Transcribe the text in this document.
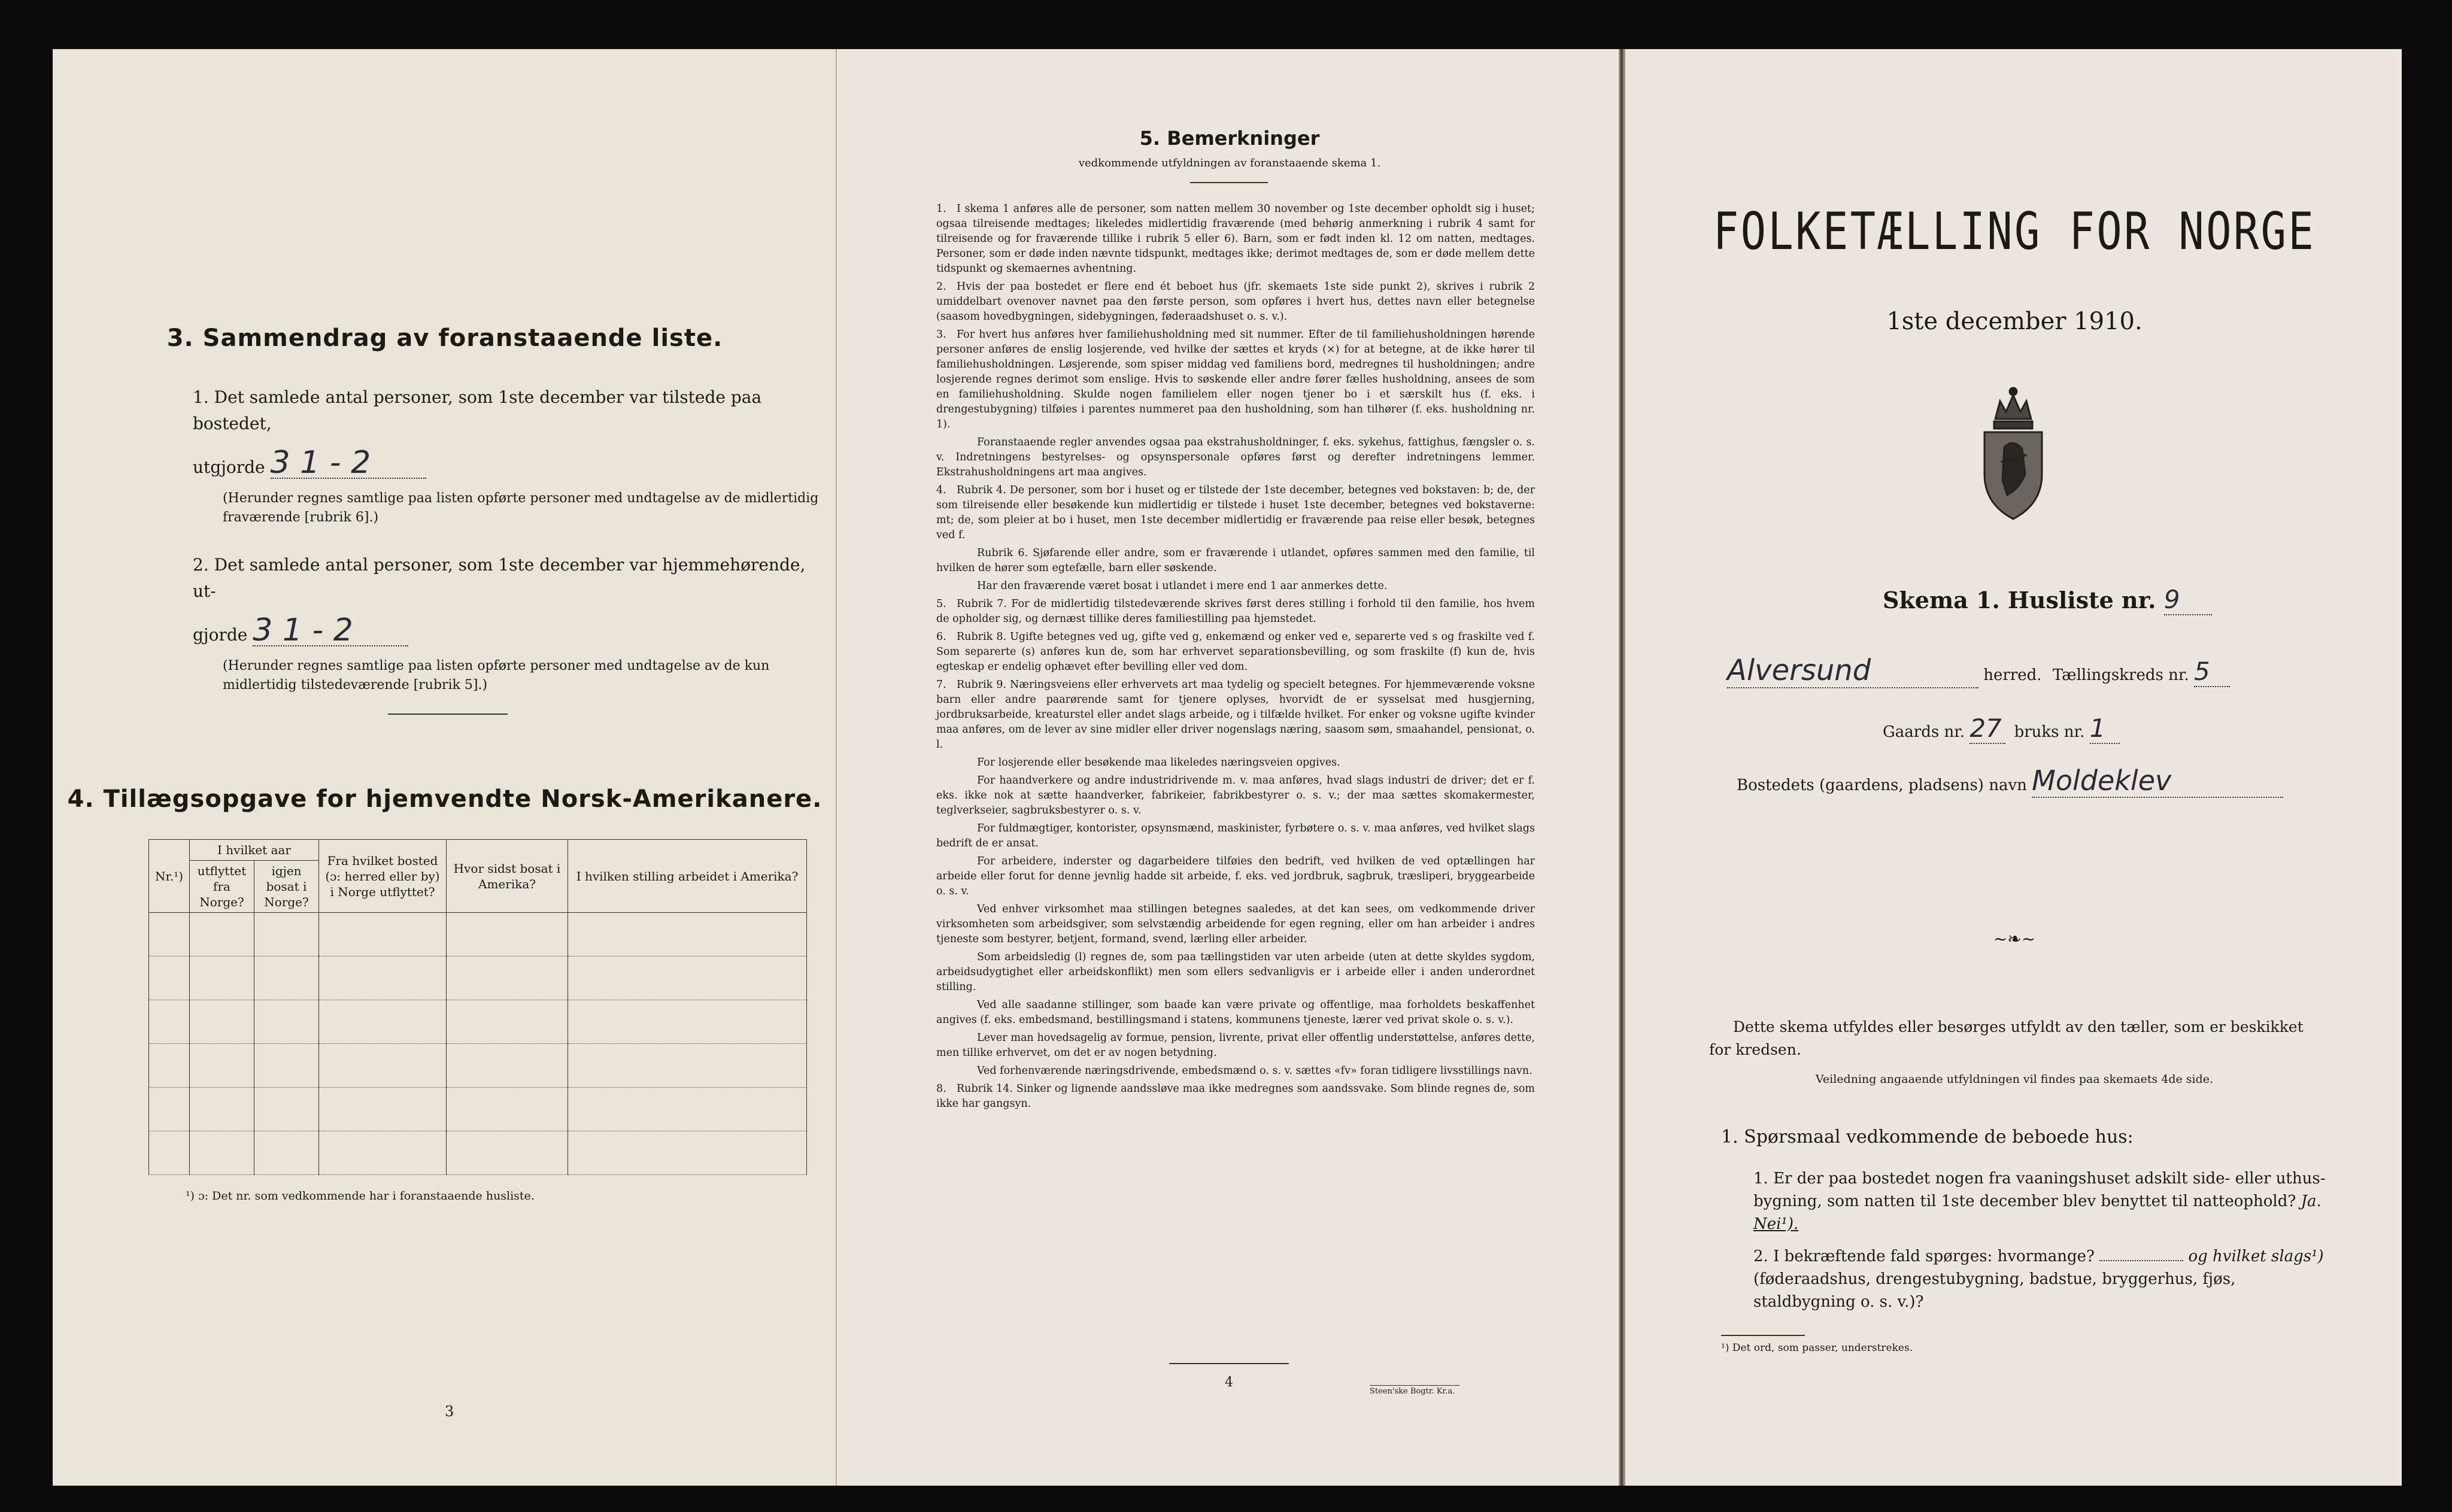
3. Sammendrag av foranstaaende liste.
1. Det samlede antal personer, som 1ste december var tilstede paa bostedet,
utgjorde 3 1 - 2
(Herunder regnes samtlige paa listen opførte personer med undtagelse av de midlertidig fraværende [rubrik 6].)
2. Det samlede antal personer, som 1ste december var hjemmehørende, ut-
gjorde 3 1 - 2
(Herunder regnes samtlige paa listen opførte personer med undtagelse av de kun midlertidig tilstedeværende [rubrik 5].)
4. Tillægsopgave for hjemvendte Norsk-Amerikanere.
Nr.¹)	I hvilket aar		Fra hvilket bosted (ɔ: herred eller by) i Norge utflyttet?	Hvor sidst bosat i Amerika?	I hvilken stilling arbeidet i Amerika?
	utflyttet fra Norge?	igjen bosat i Norge?			

¹) ɔ: Det nr. som vedkommende har i foranstaaende husliste.
3
5. Bemerkninger
vedkommende utfyldningen av foranstaaende skema 1.

1. I skema 1 anføres alle de personer, som natten mellem 30 november og 1ste december opholdt sig i huset; ogsaa tilreisende medtages; likeledes midlertidig fraværende (med behørig anmerkning i rubrik 4 samt for tilreisende og for fraværende tillike i rubrik 5 eller 6). Barn, som er født inden kl. 12 om natten, medtages. Personer, som er døde inden nævnte tidspunkt, medtages ikke; derimot medtages de, som er døde mellem dette tidspunkt og skemaernes avhentning.

2. Hvis der paa bostedet er flere end ét beboet hus (jfr. skemaets 1ste side punkt 2), skrives i rubrik 2 umiddelbart ovenover navnet paa den første person, som opføres i hvert hus, dettes navn eller betegnelse (saasom hovedbygningen, sidebygningen, føderaadshuset o. s. v.).

3. For hvert hus anføres hver familiehusholdning med sit nummer. Efter de til familiehusholdningen hørende personer anføres de enslig losjerende, ved hvilke der sættes et kryds (×) for at betegne, at de ikke hører til familiehusholdningen. Løsjerende, som spiser middag ved familiens bord, medregnes til husholdningen; andre losjerende regnes derimot som enslige. Hvis to søskende eller andre fører fælles husholdning, ansees de som en familiehusholdning. Skulde nogen familielem eller nogen tjener bo i et særskilt hus (f. eks. i drengestubygning) tilføies i parentes nummeret paa den husholdning, som han tilhører (f. eks. husholdning nr. 1).

Foranstaaende regler anvendes ogsaa paa ekstrahusholdninger, f. eks. sykehus, fattighus, fængsler o. s. v. Indretningens bestyrelses- og opsynspersonale opføres først og derefter indretningens lemmer. Ekstrahusholdningens art maa angives.

4. Rubrik 4. De personer, som bor i huset og er tilstede der 1ste december, betegnes ved bokstaven: b; de, der som tilreisende eller besøkende kun midlertidig er tilstede i huset 1ste december, betegnes ved bokstaverne: mt; de, som pleier at bo i huset, men 1ste december midlertidig er fraværende paa reise eller besøk, betegnes ved f.

Rubrik 6. Sjøfarende eller andre, som er fraværende i utlandet, opføres sammen med den familie, til hvilken de hører som egtefælle, barn eller søskende.

Har den fraværende været bosat i utlandet i mere end 1 aar anmerkes dette.

5. Rubrik 7. For de midlertidig tilstedeværende skrives først deres stilling i forhold til den familie, hos hvem de opholder sig, og dernæst tillike deres familiestilling paa hjemstedet.

6. Rubrik 8. Ugifte betegnes ved ug, gifte ved g, enkemænd og enker ved e, separerte ved s og fraskilte ved f. Som separerte (s) anføres kun de, som har erhvervet separationsbevilling, og som fraskilte (f) kun de, hvis egteskap er endelig ophævet efter bevilling eller ved dom.

7. Rubrik 9. Næringsveiens eller erhvervets art maa tydelig og specielt betegnes. For hjemmeværende voksne barn eller andre paarørende samt for tjenere oplyses, hvorvidt de er sysselsat med husgjerning, jordbruksarbeide, kreaturstel eller andet slags arbeide, og i tilfælde hvilket. For enker og voksne ugifte kvinder maa anføres, om de lever av sine midler eller driver nogenslags næring, saasom søm, smaahandel, pensionat, o. l.

For losjerende eller besøkende maa likeledes næringsveien opgives.

For haandverkere og andre industridrivende m. v. maa anføres, hvad slags industri de driver; det er f. eks. ikke nok at sætte haandverker, fabrikeier, fabrikbestyrer o. s. v.; der maa sættes skomakermester, teglverkseier, sagbruksbestyrer o. s. v.

For fuldmægtiger, kontorister, opsynsmænd, maskinister, fyrbøtere o. s. v. maa anføres, ved hvilket slags bedrift de er ansat.

For arbeidere, inderster og dagarbeidere tilføies den bedrift, ved hvilken de ved optællingen har arbeide eller forut for denne jevnlig hadde sit arbeide, f. eks. ved jordbruk, sagbruk, træsliperi, bryggearbeide o. s. v.

Ved enhver virksomhet maa stillingen betegnes saaledes, at det kan sees, om vedkommende driver virksomheten som arbeidsgiver, som selvstændig arbeidende for egen regning, eller om han arbeider i andres tjeneste som bestyrer, betjent, formand, svend, lærling eller arbeider.

Som arbeidsledig (l) regnes de, som paa tællingstiden var uten arbeide (uten at dette skyldes sygdom, arbeidsudygtighet eller arbeidskonflikt) men som ellers sedvanligvis er i arbeide eller i anden underordnet stilling.

Ved alle saadanne stillinger, som baade kan være private og offentlige, maa forholdets beskaffenhet angives (f. eks. embedsmand, bestillingsmand i statens, kommunens tjeneste, lærer ved privat skole o. s. v.).

Lever man hovedsagelig av formue, pension, livrente, privat eller offentlig understøttelse, anføres dette, men tillike erhvervet, om det er av nogen betydning.

Ved forhenværende næringsdrivende, embedsmænd o. s. v. sættes «fv» foran tidligere livsstillings navn.

8. Rubrik 14. Sinker og lignende aandssløve maa ikke medregnes som aandssvake. Som blinde regnes de, som ikke har gangsyn.

4
Steen'ske Bogtr. Kr.a.
FOLKETÆLLING FOR NORGE
1ste december 1910.
Skema 1. Husliste nr. 9
Alversund	herred. Tællingskreds nr. 5
Gaards nr. 27 bruks nr. 1
Bostedets (gaardens, pladsens) navn Moldeklev
~❧~
Dette skema utfyldes eller besørges utfyldt av den tæller, som er beskikket for kredsen.
Veiledning angaaende utfyldningen vil findes paa skemaets 4de side.
1. Spørsmaal vedkommende de beboede hus:
1. Er der paa bostedet nogen fra vaaningshuset adskilt side- eller uthus-bygning, som natten til 1ste december blev benyttet til natteophold? Ja. Nei¹).
2. I bekræftende fald spørges: hvormange?	og hvilket slags¹) (føderaadshus, drengestubygning, badstue, bryggerhus, fjøs, staldbygning o. s. v.)?
¹) Det ord, som passer, understrekes.
